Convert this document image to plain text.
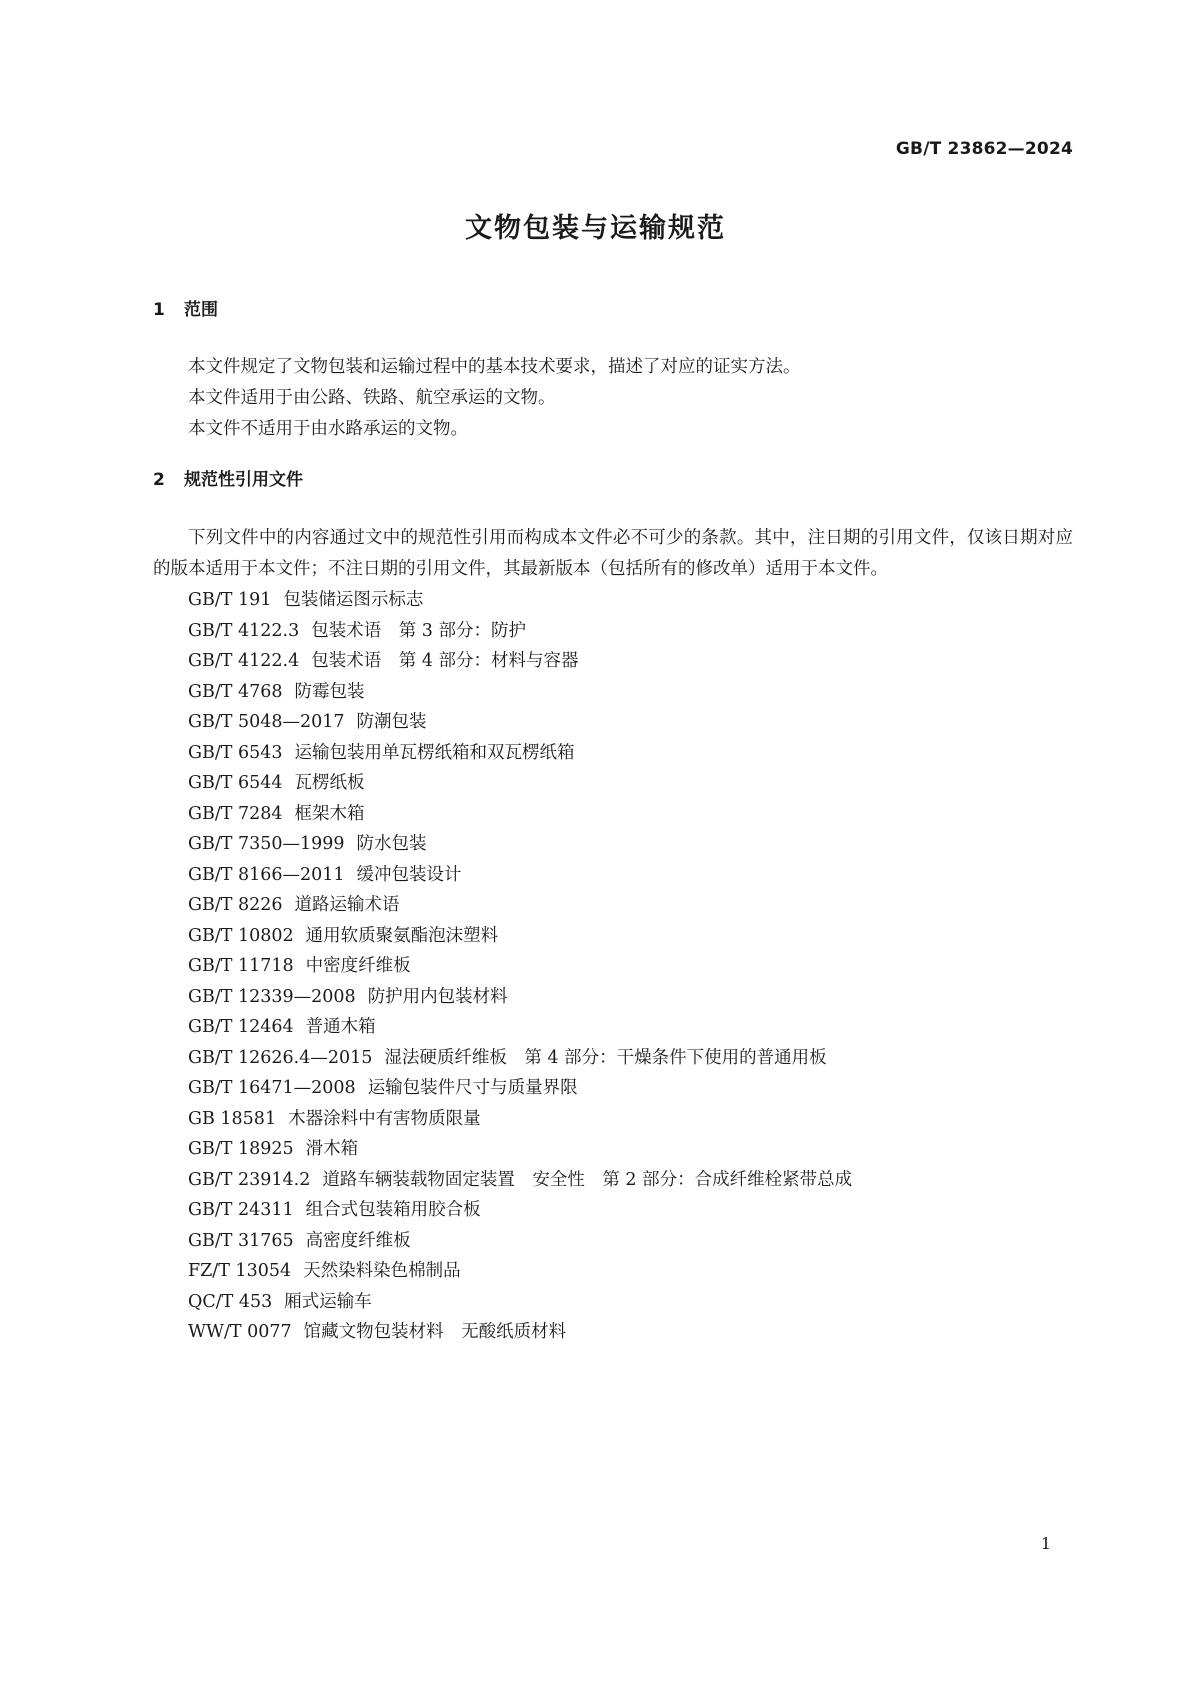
GB/T 23862—2024
文物包装与运输规范
1 范围
本文件规定了文物包装和运输过程中的基本技术要求，描述了对应的证实方法。
本文件适用于由公路、铁路、航空承运的文物。
本文件不适用于由水路承运的文物。
2 规范性引用文件
下列文件中的内容通过文中的规范性引用而构成本文件必不可少的条款。其中，注日期的引用文件，仅该日期对应的版本适用于本文件；不注日期的引用文件，其最新版本（包括所有的修改单）适用于本文件。
GB/T 191 包装储运图示标志
GB/T 4122.3 包装术语　第 3 部分：防护
GB/T 4122.4 包装术语　第 4 部分：材料与容器
GB/T 4768 防霉包装
GB/T 5048—2017 防潮包装
GB/T 6543 运输包装用单瓦楞纸箱和双瓦楞纸箱
GB/T 6544 瓦楞纸板
GB/T 7284 框架木箱
GB/T 7350—1999 防水包装
GB/T 8166—2011 缓冲包装设计
GB/T 8226 道路运输术语
GB/T 10802 通用软质聚氨酯泡沫塑料
GB/T 11718 中密度纤维板
GB/T 12339—2008 防护用内包装材料
GB/T 12464 普通木箱
GB/T 12626.4—2015 湿法硬质纤维板　第 4 部分：干燥条件下使用的普通用板
GB/T 16471—2008 运输包装件尺寸与质量界限
GB 18581 木器涂料中有害物质限量
GB/T 18925 滑木箱
GB/T 23914.2 道路车辆装载物固定装置　安全性　第 2 部分：合成纤维栓紧带总成
GB/T 24311 组合式包装箱用胶合板
GB/T 31765 高密度纤维板
FZ/T 13054 天然染料染色棉制品
QC/T 453 厢式运输车
WW/T 0077 馆藏文物包装材料　无酸纸质材料
1
